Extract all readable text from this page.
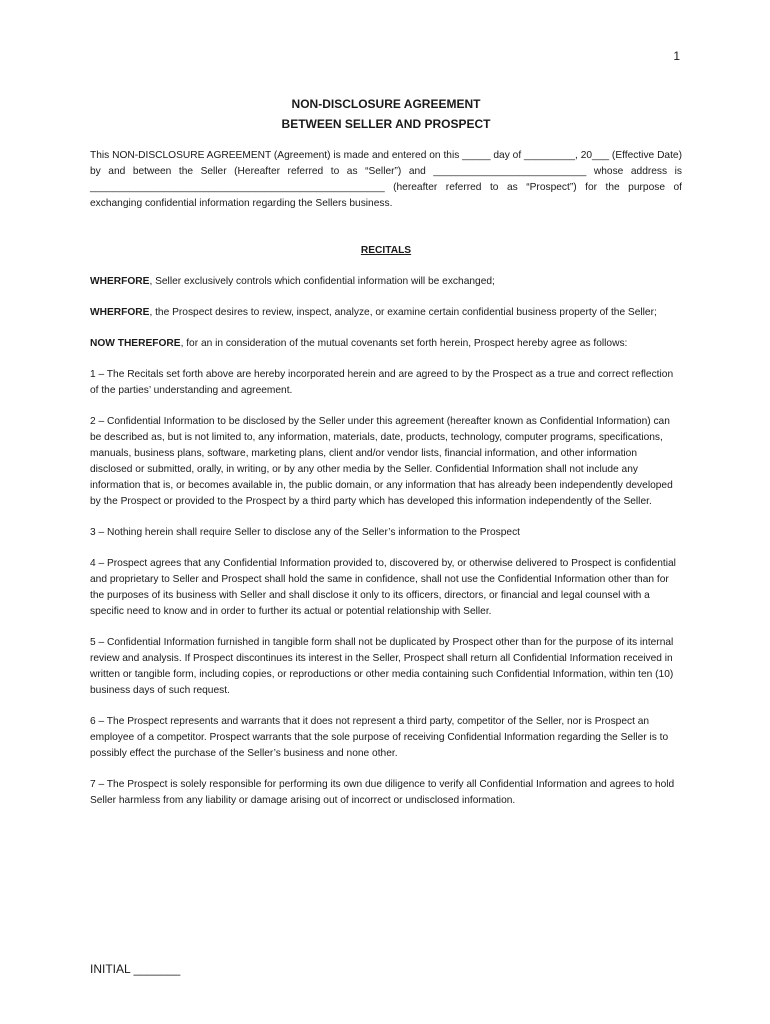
1

NON-DISCLOSURE AGREEMENT

BETWEEN SELLER AND PROSPECT

This NON-DISCLOSURE AGREEMENT (Agreement) is made and entered on this _____ day of _________, 20___ (Effective Date) by and between the Seller (Hereafter referred to as “Seller”) and ___________________________ whose address is ____________________________________________________ (hereafter referred to as “Prospect”) for the purpose of exchanging confidential information regarding the Sellers business.

RECITALS

WHERFORE, Seller exclusively controls which confidential information will be exchanged;

WHERFORE, the Prospect desires to review, inspect, analyze, or examine certain confidential business property of the Seller;

NOW THEREFORE, for an in consideration of the mutual covenants set forth herein, Prospect hereby agree as follows:

1 – The Recitals set forth above are hereby incorporated herein and are agreed to by the Prospect as a true and correct reflection of the parties’ understanding and agreement.

2 – Confidential Information to be disclosed by the Seller under this agreement (hereafter known as Confidential Information) can be described as, but is not limited to, any information, materials, date, products, technology, computer programs, specifications, manuals, business plans, software, marketing plans, client and/or vendor lists, financial information, and other information disclosed or submitted, orally, in writing, or by any other media by the Seller. Confidential Information shall not include any information that is, or becomes available in, the public domain, or any information that has already been independently developed by the Prospect or provided to the Prospect by a third party which has developed this information independently of the Seller.

3 – Nothing herein shall require Seller to disclose any of the Seller’s information to the Prospect

4 – Prospect agrees that any Confidential Information provided to, discovered by, or otherwise delivered to Prospect is confidential and proprietary to Seller and Prospect shall hold the same in confidence, shall not use the Confidential Information other than for the purposes of its business with Seller and shall disclose it only to its officers, directors, or financial and legal counsel with a specific need to know and in order to further its actual or potential relationship with Seller.

5 – Confidential Information furnished in tangible form shall not be duplicated by Prospect other than for the purpose of its internal review and analysis. If Prospect discontinues its interest in the Seller, Prospect shall return all Confidential Information received in written or tangible form, including copies, or reproductions or other media containing such Confidential Information, within ten (10) business days of such request.

6 – The Prospect represents and warrants that it does not represent a third party, competitor of the Seller, nor is Prospect an employee of a competitor. Prospect warrants that the sole purpose of receiving Confidential Information regarding the Seller is to possibly effect the purchase of the Seller’s business and none other.

7 – The Prospect is solely responsible for performing its own due diligence to verify all Confidential Information and agrees to hold Seller harmless from any liability or damage arising out of incorrect or undisclosed information.

INITIAL _______
